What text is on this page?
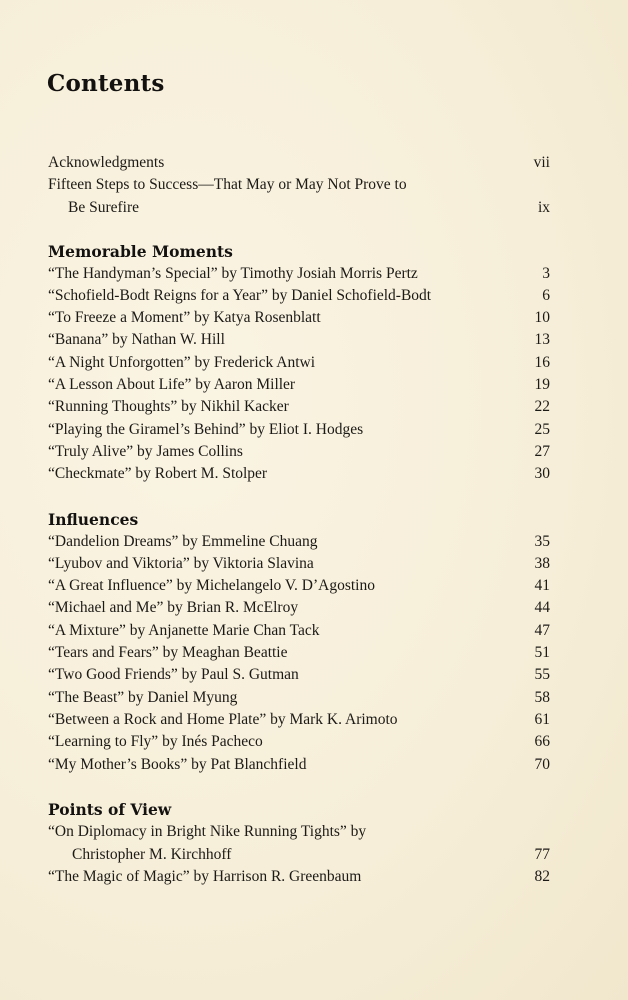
Contents
Acknowledgments	vii
Fifteen Steps to Success—That May or May Not Prove to
Be Surefire	ix
Memorable Moments
“The Handyman’s Special” by Timothy Josiah Morris Pertz	3
“Schofield-Bodt Reigns for a Year” by Daniel Schofield-Bodt	6
“To Freeze a Moment” by Katya Rosenblatt	10
“Banana” by Nathan W. Hill	13
“A Night Unforgotten” by Frederick Antwi	16
“A Lesson About Life” by Aaron Miller	19
“Running Thoughts” by Nikhil Kacker	22
“Playing the Giramel’s Behind” by Eliot I. Hodges	25
“Truly Alive” by James Collins	27
“Checkmate” by Robert M. Stolper	30
Influences
“Dandelion Dreams” by Emmeline Chuang	35
“Lyubov and Viktoria” by Viktoria Slavina	38
“A Great Influence” by Michelangelo V. D’Agostino	41
“Michael and Me” by Brian R. McElroy	44
“A Mixture” by Anjanette Marie Chan Tack	47
“Tears and Fears” by Meaghan Beattie	51
“Two Good Friends” by Paul S. Gutman	55
“The Beast” by Daniel Myung	58
“Between a Rock and Home Plate” by Mark K. Arimoto	61
“Learning to Fly” by Inés Pacheco	66
“My Mother’s Books” by Pat Blanchfield	70
Points of View
“On Diplomacy in Bright Nike Running Tights” by
Christopher M. Kirchhoff	77
“The Magic of Magic” by Harrison R. Greenbaum	82
